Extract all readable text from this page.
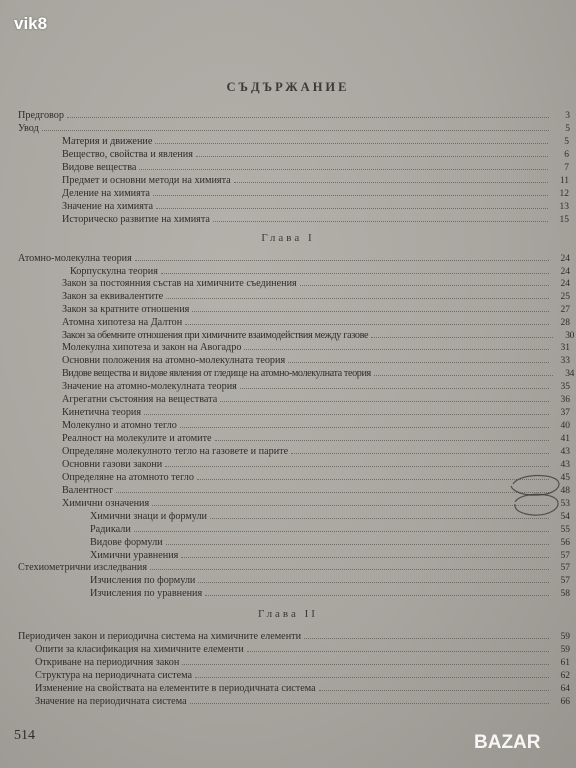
vik8
СЪДЪРЖАНИЕ
Предговор	3
Увод	5
Материя и движение	5
Вещество, свойства и явления	6
Видове вещества	7
Предмет и основни методи на химията	11
Деление на химията	12
Значение на химията	13
Историческо развитие на химията	15
Глава I
Атомно-молекулна теория	24
Корпускулна теория	24
Закон за постоянния състав на химичните съединения	24
Закон за еквивалентите	25
Закон за кратните отношения	27
Атомна хипотеза на Далтон	28
Закон за обемните отношения при химичните взаимодействия между газове	30
Молекулна хипотеза и закон на Авогадро	31
Основни положения на атомно-молекулната теория	33
Видове вещества и видове явления от гледище на атомно-молекулната теория	34
Значение на атомно-молекулната теория	35
Агрегатни състояния на веществата	36
Кинетична теория	37
Молекулно и атомно тегло	40
Реалност на молекулите и атомите	41
Определяне молекулното тегло на газовете и парите	43
Основни газови закони	43
Определяне на атомното тегло	45
Валентност	48
Химични означения	53
Химични знаци и формули	54
Радикали	55
Видове формули	56
Химични уравнения	57
Стехиометрични изследвания	57
Изчисления по формули	57
Изчисления по уравнения	58
Глава II
Периодичен закон и периодична система на химичните елементи	59
Опити за класификация на химичните елементи	59
Откриване на периодичния закон	61
Структура на периодичната система	62
Изменение на свойствата на елементите в периодичната система	64
Значение на периодичната система	66
514	BAZAR
